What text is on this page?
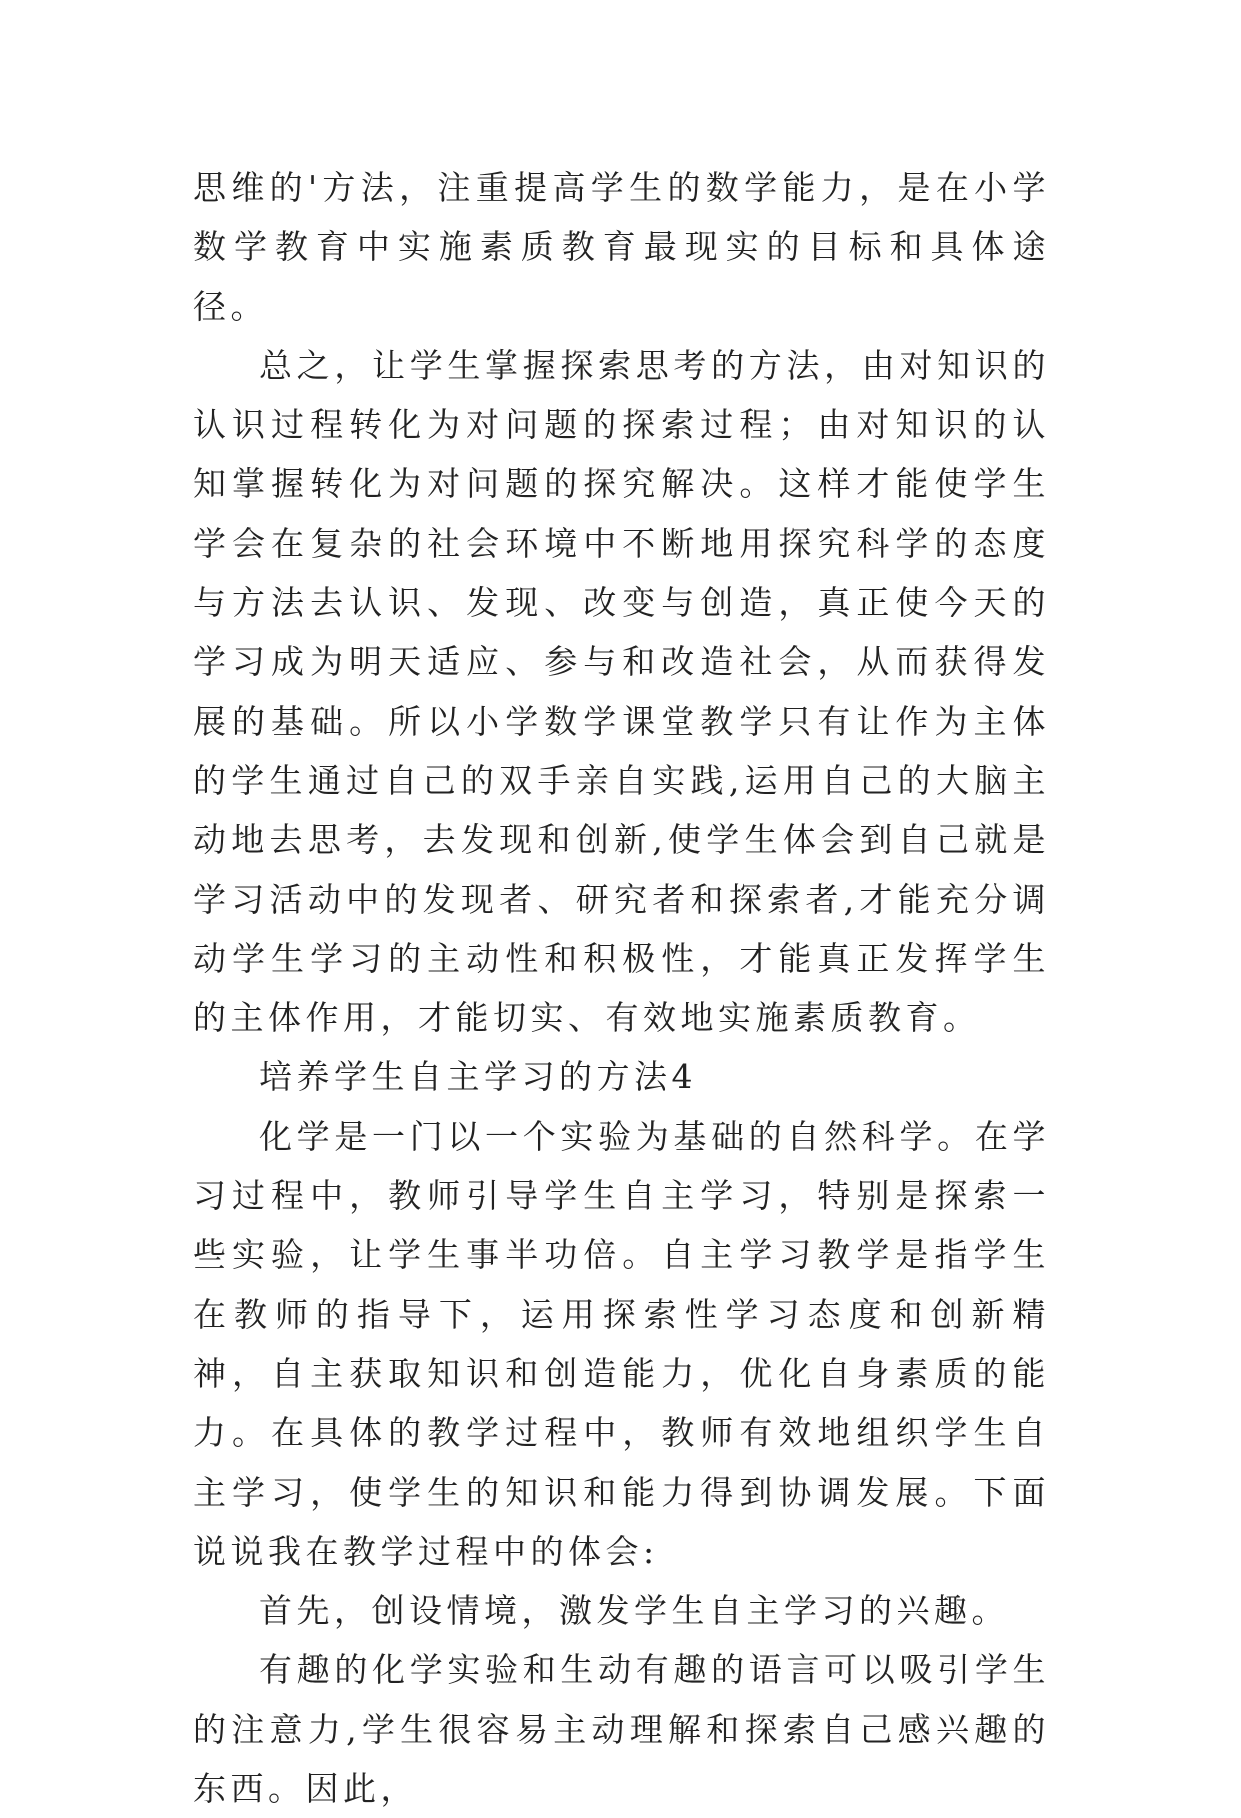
思维的'方法，注重提高学生的数学能力，是在小学数学教育中实施素质教育最现实的目标和具体途径。

总之，让学生掌握探索思考的方法，由对知识的认识过程转化为对问题的探索过程；由对知识的认知掌握转化为对问题的探究解决。这样才能使学生学会在复杂的社会环境中不断地用探究科学的态度与方法去认识、发现、改变与创造，真正使今天的学习成为明天适应、参与和改造社会，从而获得发展的基础。所以小学数学课堂教学只有让作为主体的学生通过自己的双手亲自实践,运用自己的大脑主动地去思考，去发现和创新,使学生体会到自己就是学习活动中的发现者、研究者和探索者,才能充分调动学生学习的主动性和积极性，才能真正发挥学生的主体作用，才能切实、有效地实施素质教育。

培养学生自主学习的方法4

化学是一门以一个实验为基础的自然科学。在学习过程中，教师引导学生自主学习，特别是探索一些实验，让学生事半功倍。自主学习教学是指学生在教师的指导下，运用探索性学习态度和创新精神，自主获取知识和创造能力，优化自身素质的能力。在具体的教学过程中，教师有效地组织学生自主学习，使学生的知识和能力得到协调发展。下面说说我在教学过程中的体会:

首先，创设情境，激发学生自主学习的兴趣。

有趣的化学实验和生动有趣的语言可以吸引学生的注意力,学生很容易主动理解和探索自己感兴趣的东西。因此，
